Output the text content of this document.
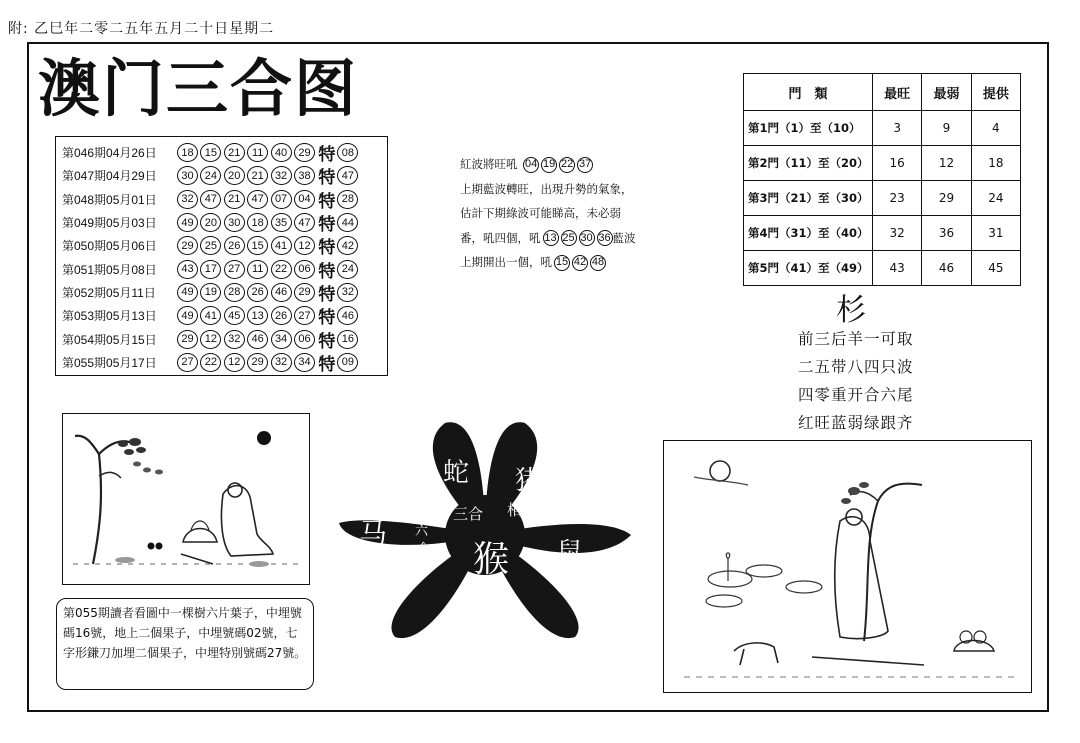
附: 乙巳年二零二五年五月二十日星期二
澳门三合图
第046期04月26日	18	15	21	11	40	29 特 08
第047期04月29日	30	24	20	21	32	38 特 47
第048期05月01日	32	47	21	47	07	04 特 28
第049期05月03日	49	20	30	18	35	47 特 44
第050期05月06日	29	25	26	15	41	12 特 42
第051期05月08日	43	17	27	11	22	06 特 24
第052期05月11日	49	19	28	26	46	29 特 32
第053期05月13日	49	41	45	13	26	27 特 46
第054期05月15日	29	12	32	46	34	06 特 16
第055期05月17日	27	22	12	29	32	34 特 09
紅波將旺吼 04 19 22 37
上期藍波轉旺，出現升勢的氣象，
估計下期綠波可能睇高，未必弱
番，吼四個，吼 13 25 30 36 藍波
上期開出一個，吼 15 42 48
門　類	最旺	最弱	提供
第1門（1）至（10）	3	9	4
第2門（11）至（20）	16	12	18
第3門（21）至（30）	23	29	24
第4門（31）至（40）	32	36	31
第5門（41）至（49）	43	46	45
杉
前三后羊一可取
二五带八四只波
四零重开合六尾
红旺蓝弱绿跟齐
第055期讀者看圖中一棵樹六片葉子，中埋號碼16號，地上二個果子，中埋號碼02號，七字形鎌刀加埋二個果子，中埋特別號碼27號。
蛇 猪
马
鼠
猴
三合 相冲
六
合
